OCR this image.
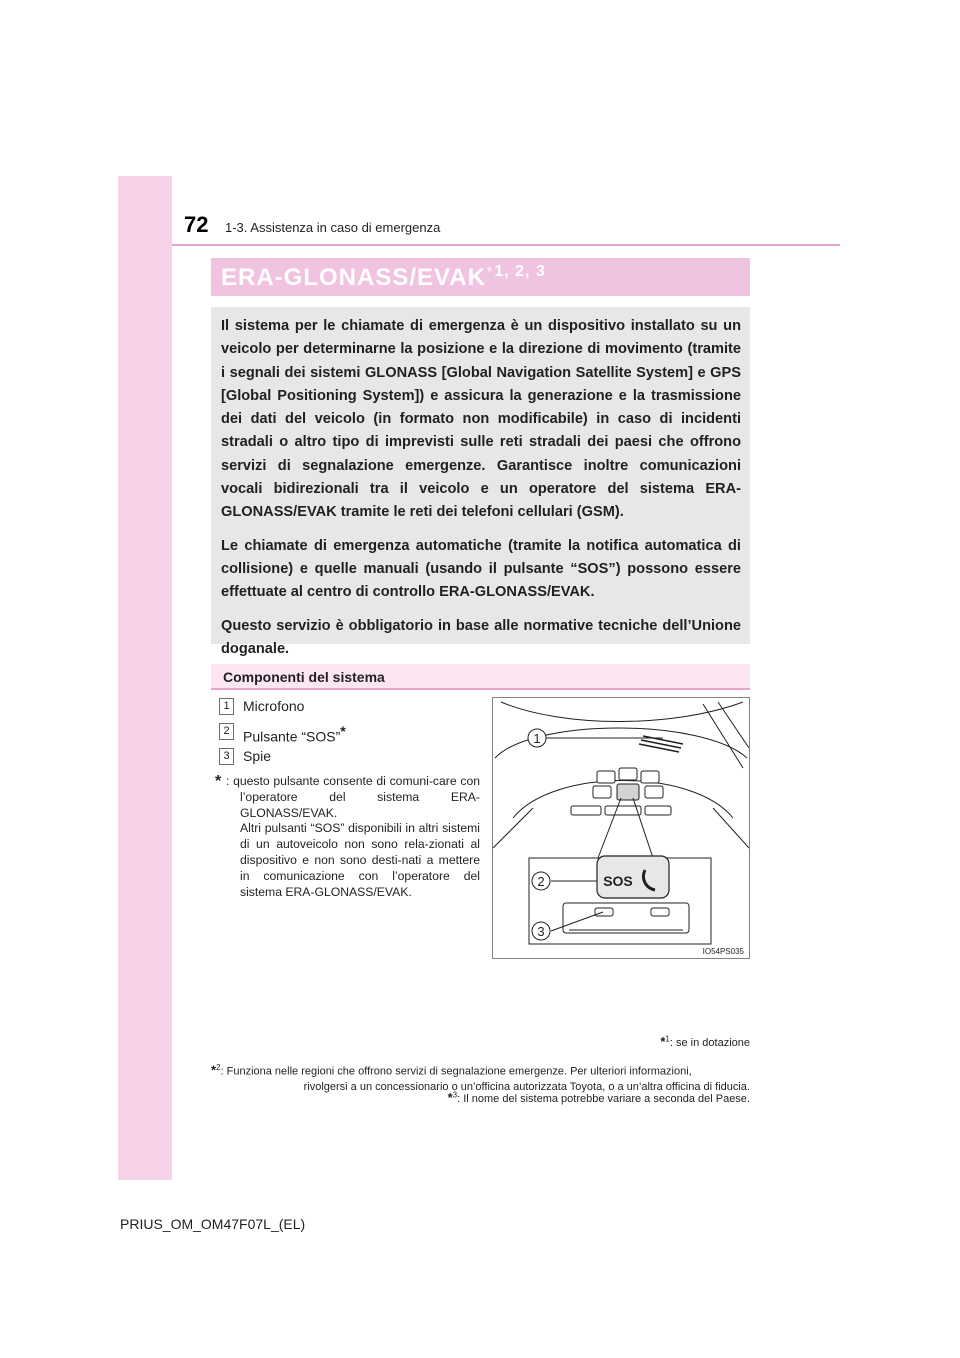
72 1-3. Assistenza in caso di emergenza
ERA-GLONASS/EVAK$^{*1, 2, 3}$

Il sistema per le chiamate di emergenza è un dispositivo installato su un veicolo per determinarne la posizione e la direzione di movimento (tramite i segnali dei sistemi GLONASS [Global Navigation Satellite System] e GPS [Global Positioning System]) e assicura la generazione e la trasmissione dei dati del veicolo (in formato non modificabile) in caso di incidenti stradali o altro tipo di imprevisti sulle reti stradali dei paesi che offrono servizi di segnalazione emergenze. Garantisce inoltre comunicazioni vocali bidirezionali tra il veicolo e un operatore del sistema ERA-GLONASS/EVAK tramite le reti dei telefoni cellulari (GSM).

Le chiamate di emergenza automatiche (tramite la notifica automatica di collisione) e quelle manuali (usando il pulsante “SOS”) possono essere effettuate al centro di controllo ERA-GLONASS/EVAK.

Questo servizio è obbligatorio in base alle normative tecniche dell’Unione doganale.

Componenti del sistema
1 Microfono
2 Pulsante “SOS”*
3 Spie
* : questo pulsante consente di comuni-care con l’operatore del sistema ERA-GLONASS/EVAK.

Altri pulsanti “SOS” disponibili in altri sistemi di un autoveicolo non sono rela-zionati al dispositivo e non sono desti-nati a mettere in comunicazione con l’operatore del sistema ERA-GLONASS/EVAK.

1
SOS
2
3
IO54PS035
*$^1$: se in dotazione
*$^2$: Funziona nelle regioni che offrono servizi di segnalazione emergenze. Per ulteriori informazioni,
rivolgersi a un concessionario o un’officina autorizzata Toyota, o a un’altra officina di fiducia.
*$^3$: Il nome del sistema potrebbe variare a seconda del Paese.
PRIUS_OM_OM47F07L_(EL)
